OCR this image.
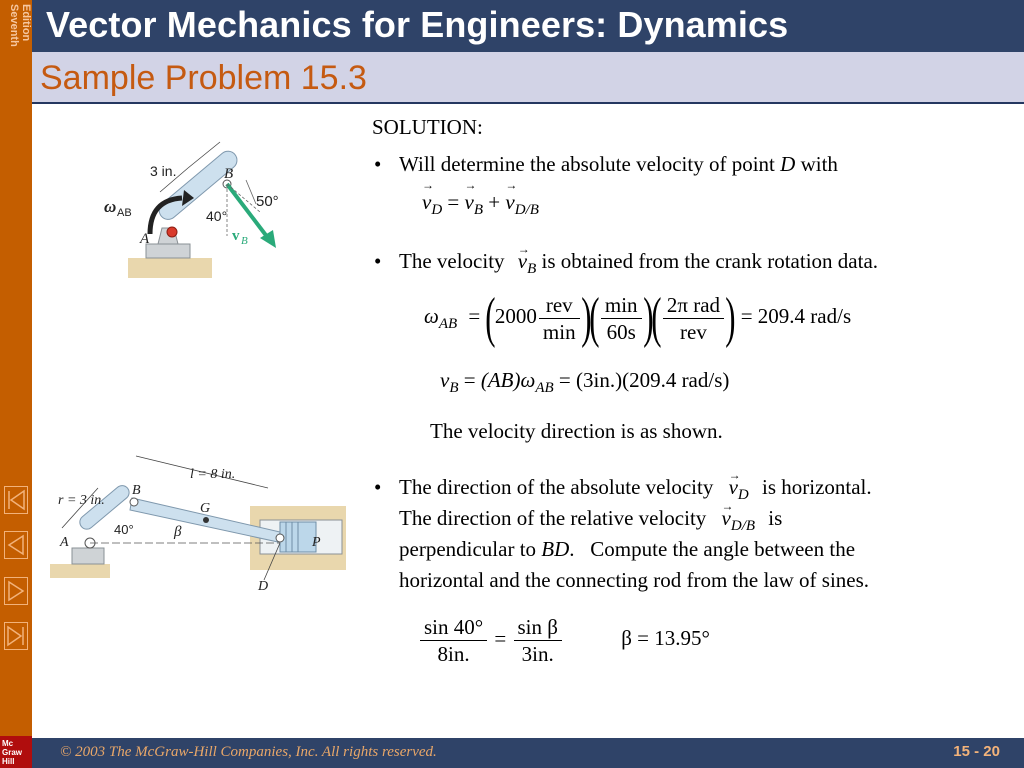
Seventh Edition
Mc
Graw
Hill
Vector Mechanics for Engineers: Dynamics
Sample Problem 15.3
3 in.	B
A
50°
40°
ω AB
v B
l = 8 in.
r = 3 in.
B
G
A	P
D
40°	β
SOLUTION:
• Will determine the absolute velocity of point D with
→ $v_D$ = → $v_B$ + → $v_{D/B}$
• The velocity → $v_B$ is obtained from the crank rotation data.
$\omega_{AB} =(2000 \frac{\text{rev}}{\min}$ )( $\frac{\min}{60s}$ )( $\frac{\text{2π rad}}{\text{rev}}$ ) = 209.4 rad/s
$v_B = (AB)\omega_{AB} = (3in.)(209.4$ rad/s)
The velocity direction is as shown.
• The direction of the absolute velocity → $v_D$ is horizontal.
The direction of the relative velocity → $v_{D/B}$ is
perpendicular to BD.   Compute the angle between the
horizontal and the connecting rod from the law of sines.
$\frac{\sin 40^\circ}{8in.} = \frac{\text{sin β}}{3in.}$	β = 13.95°
© 2003 The McGraw-Hill Companies, Inc. All rights reserved.	15 - 20
